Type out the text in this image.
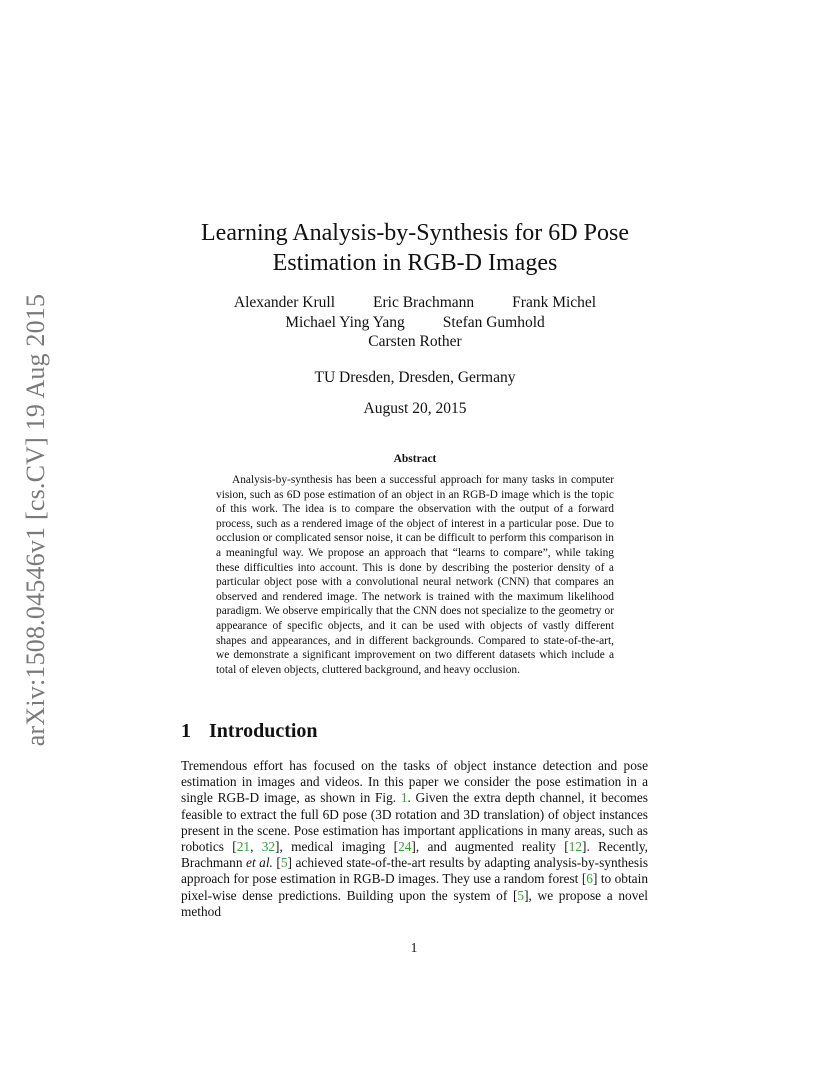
arXiv:1508.04546v1 [cs.CV] 19 Aug 2015
Learning Analysis-by-Synthesis for 6D Pose
Estimation in RGB-D Images
Alexander Krull Eric Brachmann Frank Michel
Michael Ying Yang Stefan Gumhold
Carsten Rother
TU Dresden, Dresden, Germany
August 20, 2015
Abstract

Analysis-by-synthesis has been a successful approach for many tasks in computer vision, such as 6D pose estimation of an object in an RGB-D image which is the topic of this work. The idea is to compare the observation with the output of a forward process, such as a rendered image of the object of interest in a particular pose. Due to occlusion or complicated sensor noise, it can be difficult to perform this comparison in a meaningful way. We propose an approach that “learns to compare”, while taking these difficulties into account. This is done by describing the posterior density of a particular object pose with a convolutional neural network (CNN) that compares an observed and rendered image. The network is trained with the maximum likelihood paradigm. We observe empirically that the CNN does not specialize to the geometry or appearance of specific objects, and it can be used with objects of vastly different shapes and appearances, and in different backgrounds. Compared to state-of-the-art, we demonstrate a significant improvement on two different datasets which include a total of eleven objects, cluttered background, and heavy occlusion.

1 Introduction

Tremendous effort has focused on the tasks of object instance detection and pose estimation in images and videos. In this paper we consider the pose estimation in a single RGB-D image, as shown in Fig. 1. Given the extra depth channel, it becomes feasible to extract the full 6D pose (3D rotation and 3D translation) of object instances present in the scene. Pose estimation has important applications in many areas, such as robotics [21, 32], medical imaging [24], and augmented reality [12]. Recently, Brachmann et al. [5] achieved state-of-the-art results by adapting analysis-by-synthesis approach for pose estimation in RGB-D images. They use a random forest [6] to obtain pixel-wise dense predictions. Building upon the system of [5], we propose a novel method

1
